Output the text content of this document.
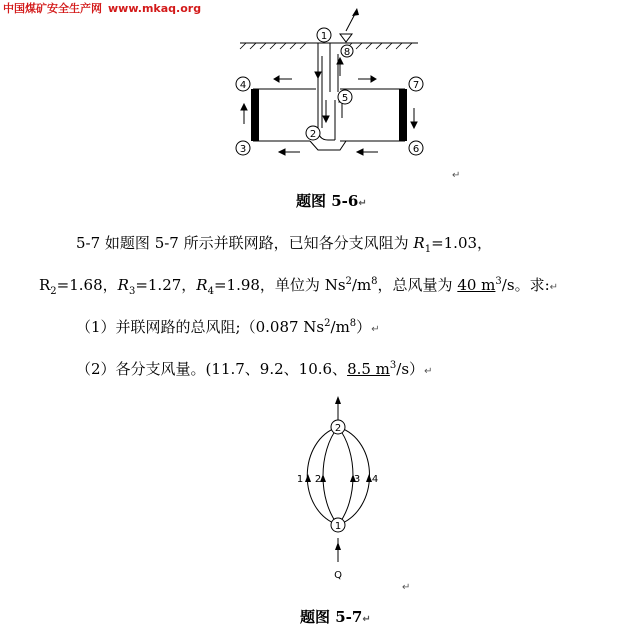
中国煤矿安全生产网 www.mkaq.org
1
8
4	7
5
2
3	6
↵
题图 5-6↵
5-7 如题图 5-7 所示并联网路，已知各分支风阻为 $R_1=1.03$，
$R_2=1.68$，$R_3=1.27$，$R_4=1.98$，单位为 $Ns^2/m^8$，总风量为 40 $m^3/s$。求:↵
（1）并联网路的总风阻;（0.087 $Ns^2/m^8)↵$
（2）各分支风量。(11.7、9.2、10.6、8.5 $m^3/s)↵$
2
1
1 2	3 4
Q
↵
题图 5-7↵
